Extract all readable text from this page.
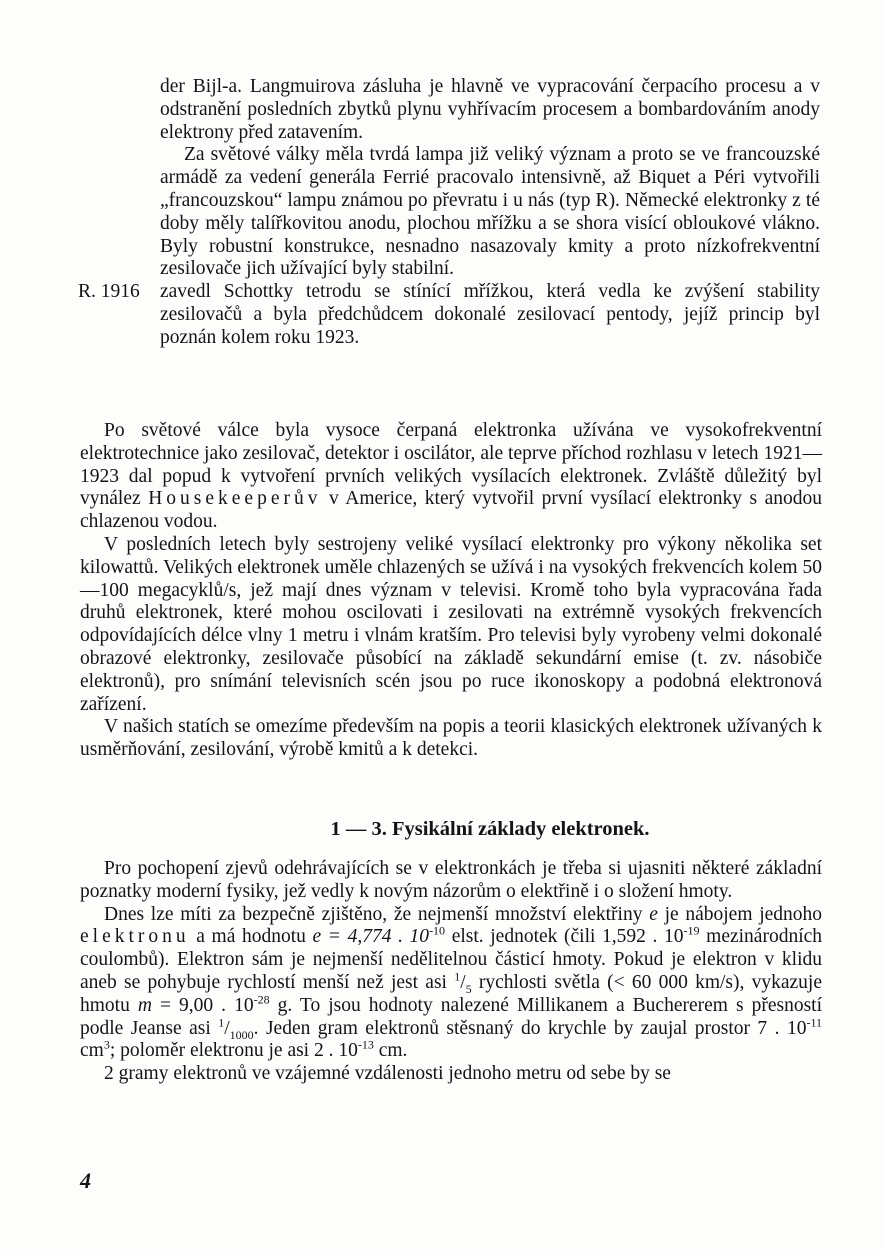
der Bijl-a. Langmuirova zásluha je hlavně ve vypracování čerpacího procesu a v odstranění posledních zbytků plynu vyhřívacím procesem a bombardováním anody elektrony před zatavením.

Za světové války měla tvrdá lampa již veliký význam a proto se ve francouzské armádě za vedení generála Ferrié pracovalo intensivně, až Biquet a Péri vytvořili „francouzskou“ lampu známou po převratu i u nás (typ R). Německé elektronky z té doby měly talířkovitou anodu, plochou mřížku a se shora visící obloukové vlákno. Byly robustní konstrukce, nesnadno nasazovaly kmity a proto nízkofrekventní zesilovače jich užívající byly stabilní.

R. 1916 zavedl Schottky tetrodu se stínící mřížkou, která vedla ke zvýšení stability zesilovačů a byla předchůdcem dokonalé zesilovací pentody, jejíž princip byl poznán kolem roku 1923.

Po světové válce byla vysoce čerpaná elektronka užívána ve vysokofrekventní elektrotechnice jako zesilovač, detektor i oscilátor, ale teprve příchod rozhlasu v letech 1921—1923 dal popud k vytvoření prvních velikých vysílacích elektronek. Zvláště důležitý byl vynález Housekeeperův v Americe, který vytvořil první vysílací elektronky s anodou chlazenou vodou.

V posledních letech byly sestrojeny veliké vysílací elektronky pro výkony několika set kilowattů. Velikých elektronek uměle chlazených se užívá i na vysokých frekvencích kolem 50—100 megacyklů/s, jež mají dnes význam v televisi. Kromě toho byla vypracována řada druhů elektronek, které mohou oscilovati i zesilovati na extrémně vysokých frekvencích odpovídajících délce vlny 1 metru i vlnám kratším. Pro televisi byly vyrobeny velmi dokonalé obrazové elektronky, zesilovače působící na základě sekundární emise (t. zv. násobiče elektronů), pro snímání televisních scén jsou po ruce ikonoskopy a podobná elektronová zařízení.

V našich statích se omezíme především na popis a teorii klasických elektronek užívaných k usměrňování, zesilování, výrobě kmitů a k detekci.

1 — 3. Fysikální základy elektronek.

Pro pochopení zjevů odehrávajících se v elektronkách je třeba si ujasniti některé základní poznatky moderní fysiky, jež vedly k novým názorům o elektřině i o složení hmoty.

Dnes lze míti za bezpečně zjištěno, že nejmenší množství elektřiny e je nábojem jednoho elektronu a má hodnotu e = 4,774 . $10^{-10}$ elst. jednotek (čili 1,592 . $10^{-19}$ mezinárodních coulombů). Elektron sám je nejmenší nedělitelnou částicí hmoty. Pokud je elektron v klidu aneb se pohybuje rychlostí menší než jest asi $^1/_5$ rychlosti světla (< 60 000 km/s), vykazuje hmotu m = 9,00 . $10^{-28}$ g. To jsou hodnoty nalezené Millikanem a Buchererem s přesností podle Jeanse asi $^1/_{1000}$. Jeden gram elektronů stěsnaný do krychle by zaujal prostor 7 . $10^{-11}$ $cm^3$; poloměr elektronu je asi 2 . $10^{-13}$ cm.

2 gramy elektronů ve vzájemné vzdálenosti jednoho metru od sebe by se

4
